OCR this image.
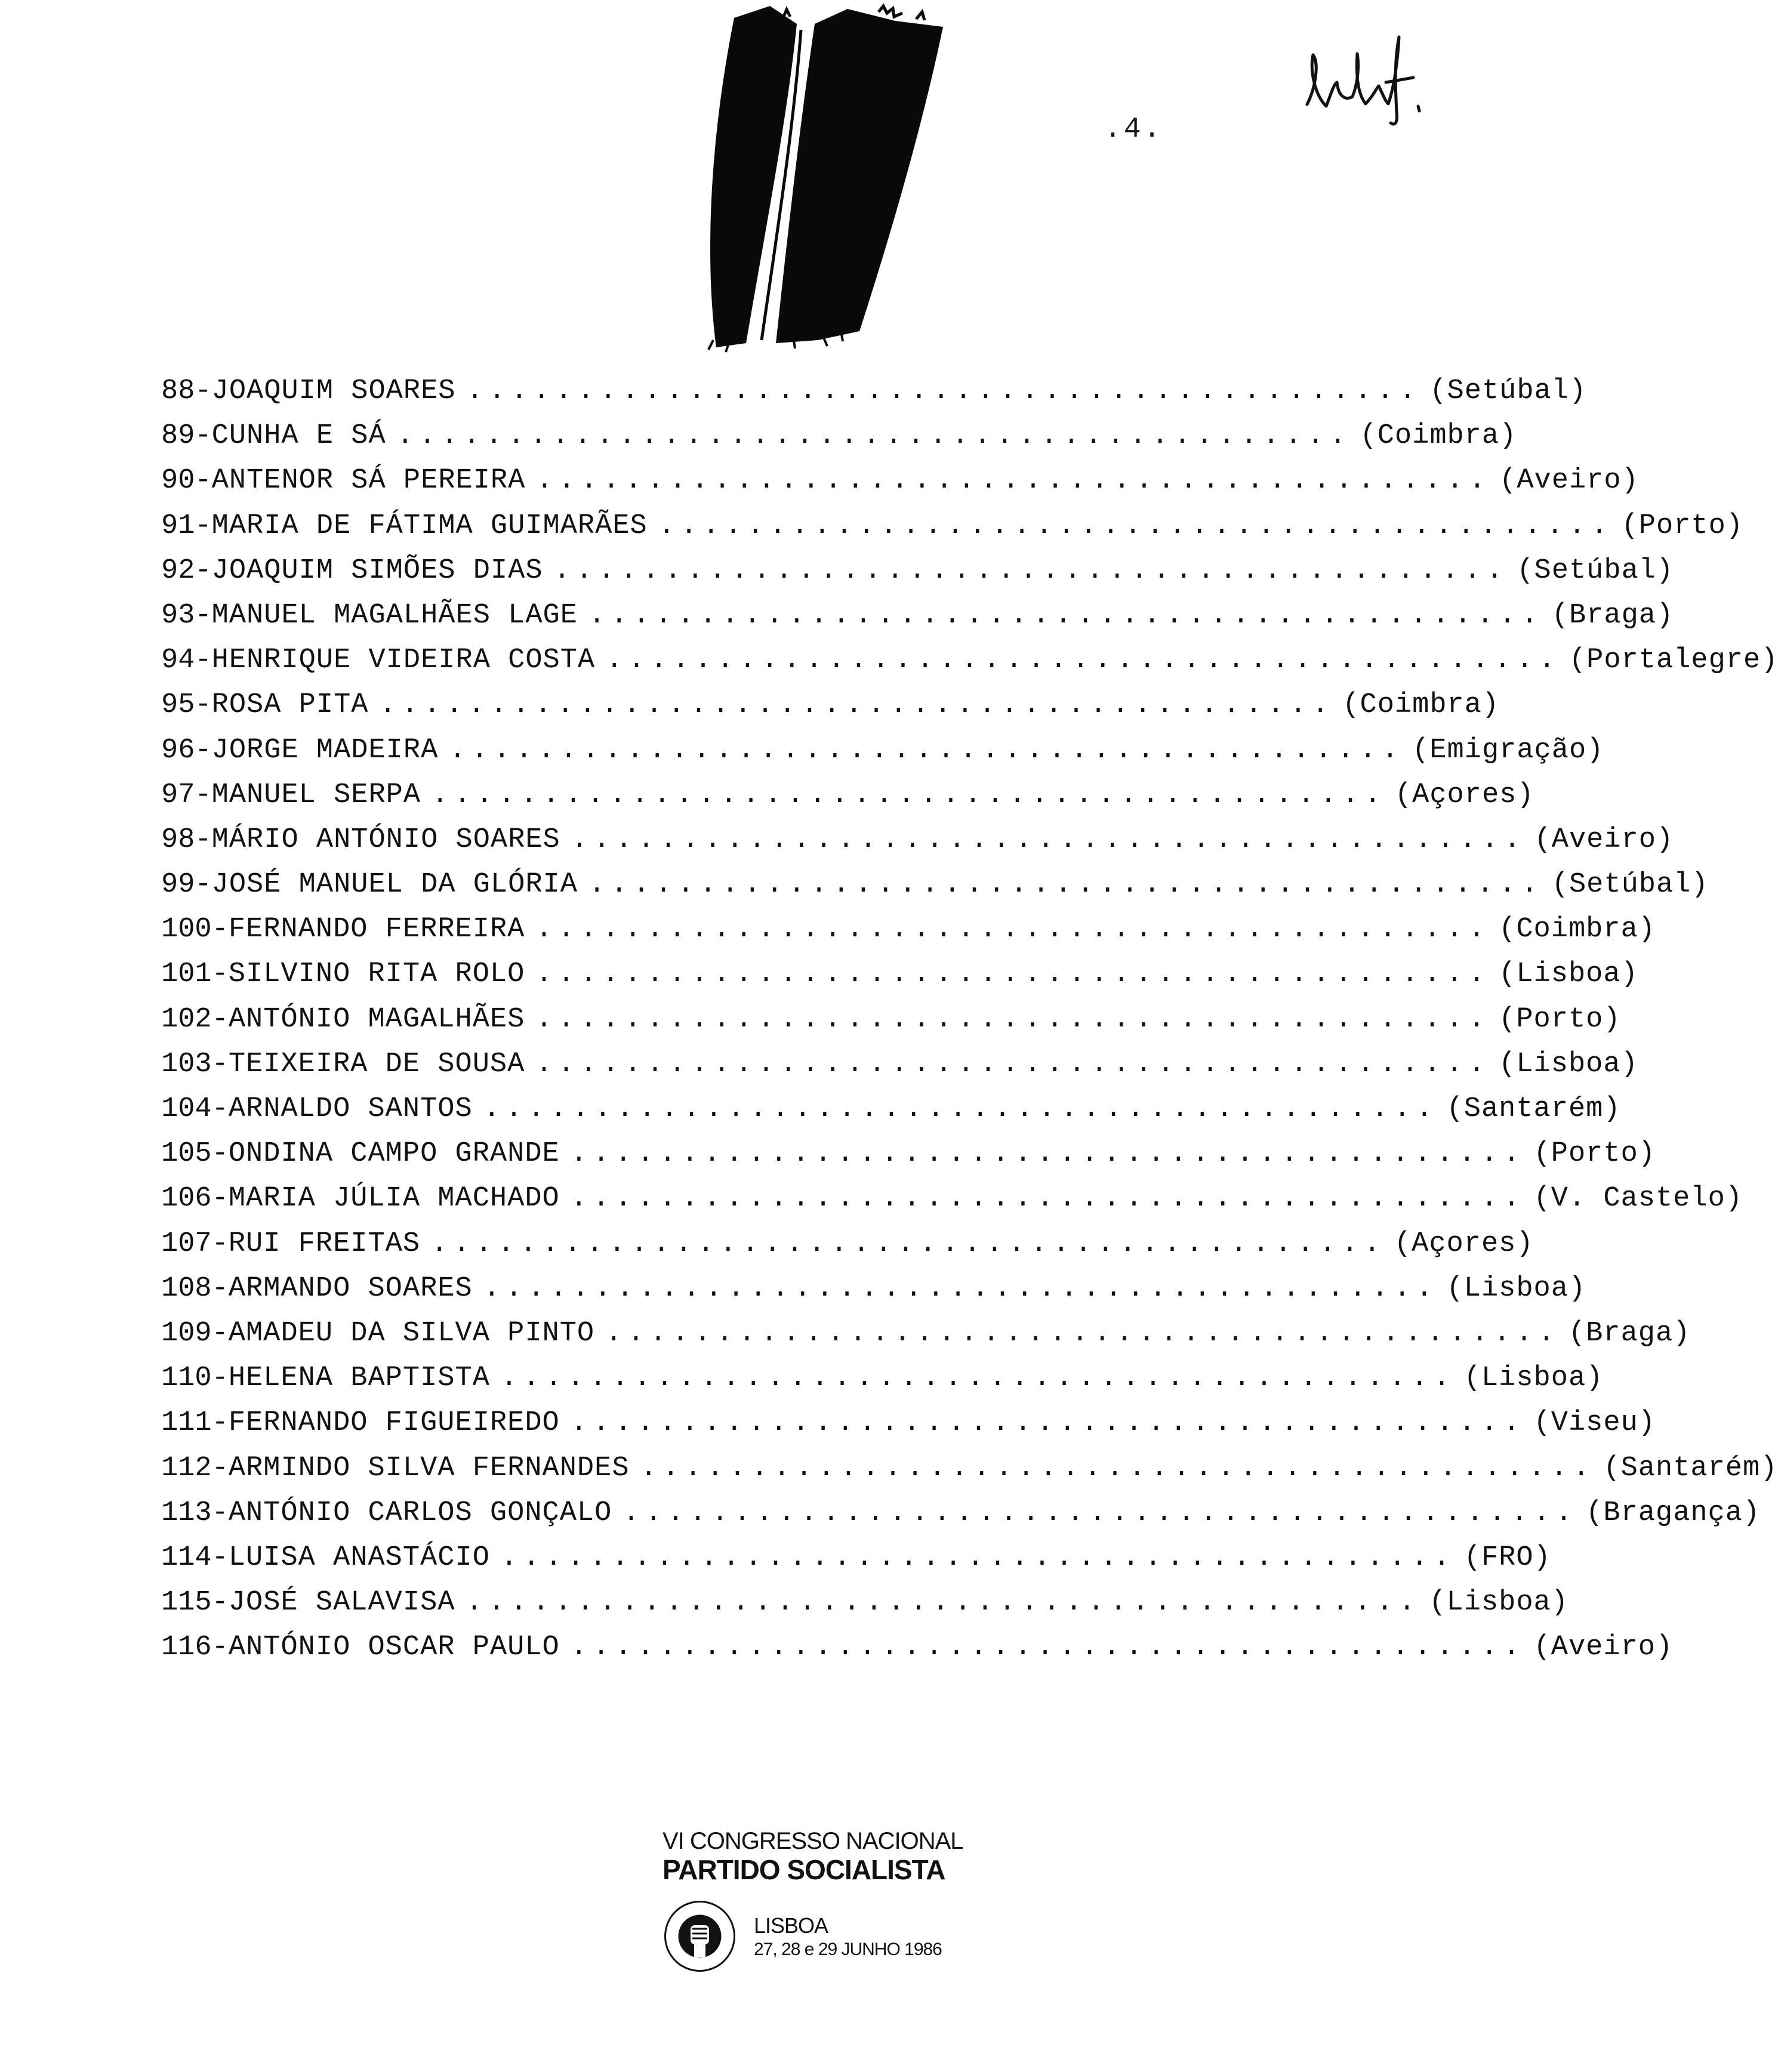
.4.
88 - JOAQUIM SOARES ........................................... (Setúbal)
89 - CUNHA E SÁ ........................................... (Coimbra)
90 - ANTENOR SÁ PEREIRA ........................................... (Aveiro)
91 - MARIA DE FÁTIMA GUIMARÃES ........................................... (Porto)
92 - JOAQUIM SIMÕES DIAS ........................................... (Setúbal)
93 - MANUEL MAGALHÃES LAGE ........................................... (Braga)
94 - HENRIQUE VIDEIRA COSTA ........................................... (Portalegre)
95 - ROSA PITA ........................................... (Coimbra)
96 - JORGE MADEIRA ........................................... (Emigração)
97 - MANUEL SERPA ........................................... (Açores)
98 - MÁRIO ANTÓNIO SOARES ........................................... (Aveiro)
99 - JOSÉ MANUEL DA GLÓRIA ........................................... (Setúbal)
100 - FERNANDO FERREIRA ........................................... (Coimbra)
101 - SILVINO RITA ROLO ........................................... (Lisboa)
102 - ANTÓNIO MAGALHÃES ........................................... (Porto)
103 - TEIXEIRA DE SOUSA ........................................... (Lisboa)
104 - ARNALDO SANTOS ........................................... (Santarém)
105 - ONDINA CAMPO GRANDE ........................................... (Porto)
106 - MARIA JÚLIA MACHADO ........................................... (V. Castelo)
107 - RUI FREITAS ........................................... (Açores)
108 - ARMANDO SOARES ........................................... (Lisboa)
109 - AMADEU DA SILVA PINTO ........................................... (Braga)
110 - HELENA BAPTISTA ........................................... (Lisboa)
111 - FERNANDO FIGUEIREDO ........................................... (Viseu)
112 - ARMINDO SILVA FERNANDES ........................................... (Santarém)
113 - ANTÓNIO CARLOS GONÇALO ........................................... (Bragança)
114 - LUISA ANASTÁCIO ........................................... (FRO)
115 - JOSÉ SALAVISA ........................................... (Lisboa)
116 - ANTÓNIO OSCAR PAULO ........................................... (Aveiro)
VI CONGRESSO NACIONAL
PARTIDO SOCIALISTA
LISBOA
27, 28 e 29 JUNHO 1986
